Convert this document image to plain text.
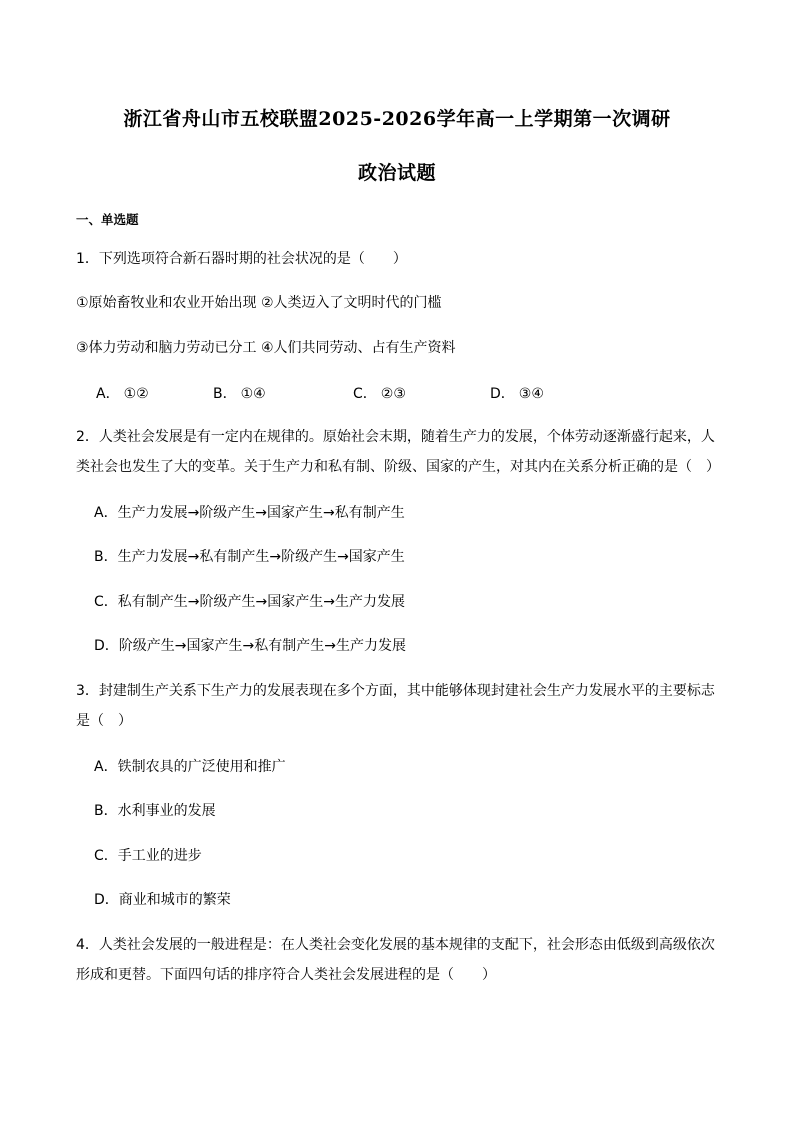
浙江省舟山市五校联盟2025-2026学年高一上学期第一次调研
政治试题
一、单选题
1．下列选项符合新石器时期的社会状况的是（　　）
①原始畜牧业和农业开始出现 ②人类迈入了文明时代的门槛
③体力劳动和脑力劳动已分工 ④人们共同劳动、占有生产资料
A． ①②	B． ①④	C． ②③	D． ③④
2．人类社会发展是有一定内在规律的。原始社会末期，随着生产力的发展，个体劳动逐渐盛行起来，人
类社会也发生了大的变革。关于生产力和私有制、阶级、国家的产生，对其内在关系分析正确的是（　）
A．生产力发展→阶级产生→国家产生→私有制产生
B．生产力发展→私有制产生→阶级产生→国家产生
C．私有制产生→阶级产生→国家产生→生产力发展
D．阶级产生→国家产生→私有制产生→生产力发展
3．封建制生产关系下生产力的发展表现在多个方面，其中能够体现封建社会生产力发展水平的主要标志
是（　）
A．铁制农具的广泛使用和推广
B．水利事业的发展
C．手工业的进步
D．商业和城市的繁荣
4．人类社会发展的一般进程是：在人类社会变化发展的基本规律的支配下，社会形态由低级到高级依次
形成和更替。下面四句话的排序符合人类社会发展进程的是（　　）
